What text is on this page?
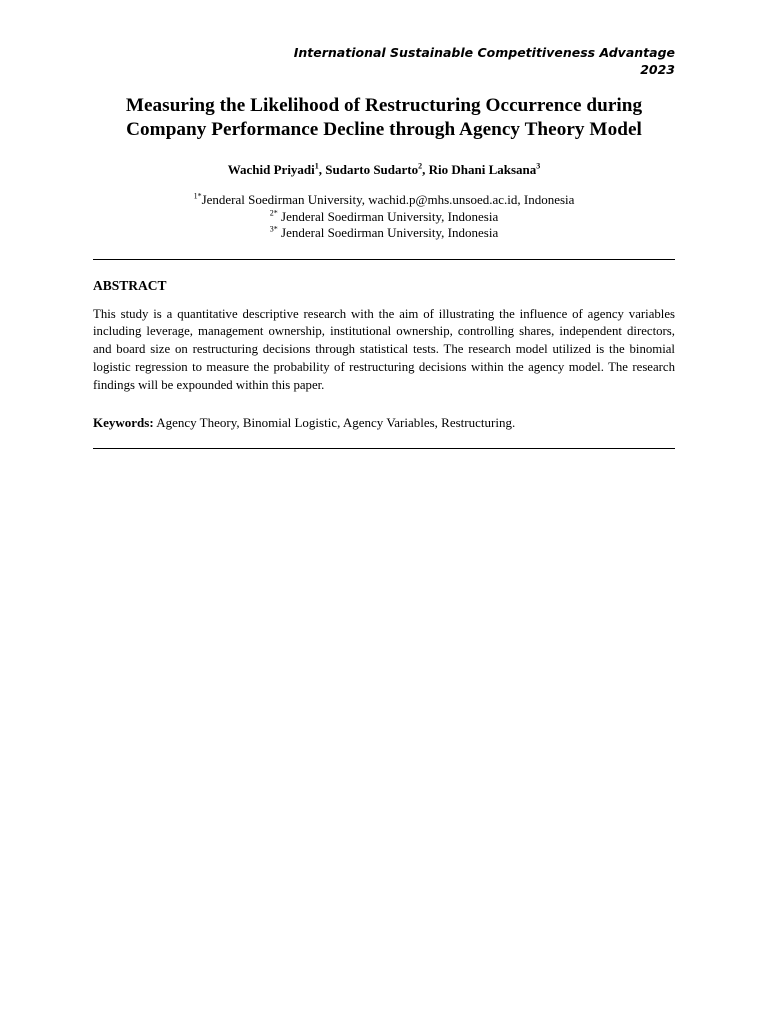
International Sustainable Competitiveness Advantage
2023
Measuring the Likelihood of Restructuring Occurrence during
Company Performance Decline through Agency Theory Model
Wachid Priyadi$^1$, Sudarto Sudarto$^2$, Rio Dhani Laksana$^3$
$^{1*}$Jenderal Soedirman University, wachid.p@mhs.unsoed.ac.id, Indonesia
$^{2*}$ Jenderal Soedirman University, Indonesia
$^{3*}$ Jenderal Soedirman University, Indonesia
ABSTRACT
This study is a quantitative descriptive research with the aim of illustrating the influence of agency variables including leverage, management ownership, institutional ownership, controlling shares, independent directors, and board size on restructuring decisions through statistical tests. The research model utilized is the binomial logistic regression to measure the probability of restructuring decisions within the agency model. The research findings will be expounded within this paper.
Keywords: Agency Theory, Binomial Logistic, Agency Variables, Restructuring.
